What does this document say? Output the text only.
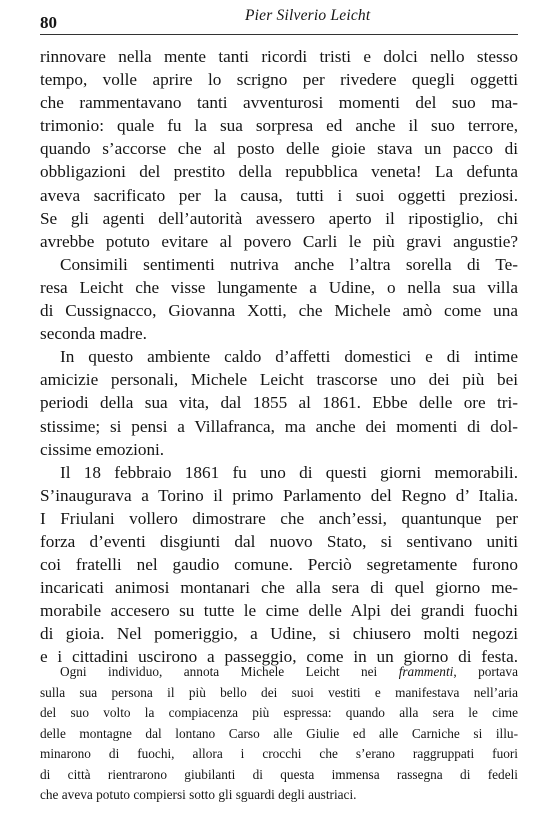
80	Pier Silverio Leicht
rinnovare nella mente tanti ricordi tristi e dolci nello stesso
tempo, volle aprire lo scrigno per rivedere quegli oggetti
che rammentavano tanti avventurosi momenti del suo ma-
trimonio: quale fu la sua sorpresa ed anche il suo terrore,
quando s’accorse che al posto delle gioie stava un pacco di
obbligazioni del prestito della repubblica veneta! La defunta
aveva sacrificato per la causa, tutti i suoi oggetti preziosi.
Se gli agenti dell’autorità avessero aperto il ripostiglio, chi
avrebbe potuto evitare al povero Carli le più gravi angustie?
Consimili sentimenti nutriva anche l’altra sorella di Te-
resa Leicht che visse lungamente a Udine, o nella sua villa
di Cussignacco, Giovanna Xotti, che Michele amò come una
seconda madre.
In questo ambiente caldo d’affetti domestici e di intime
amicizie personali, Michele Leicht trascorse uno dei più bei
periodi della sua vita, dal 1855 al 1861. Ebbe delle ore tri-
stissime; si pensi a Villafranca, ma anche dei momenti di dol-
cissime emozioni.
Il 18 febbraio 1861 fu uno di questi giorni memorabili.
S’inaugurava a Torino il primo Parlamento del Regno d’ Italia.
I Friulani vollero dimostrare che anch’essi, quantunque per
forza d’eventi disgiunti dal nuovo Stato, si sentivano uniti
coi fratelli nel gaudio comune. Perciò segretamente furono
incaricati animosi montanari che alla sera di quel giorno me-
morabile accesero su tutte le cime delle Alpi dei grandi fuochi
di gioia. Nel pomeriggio, a Udine, si chiusero molti negozi
e i cittadini uscirono a passeggio, come in un giorno di festa.
Ogni individuo, annota Michele Leicht nei frammenti, portava
sulla sua persona il più bello dei suoi vestiti e manifestava nell’aria
del suo volto la compiacenza più espressa: quando alla sera le cime
delle montagne dal lontano Carso alle Giulie ed alle Carniche si illu-
minarono di fuochi, allora i crocchi che s’erano raggruppati fuori
di città rientrarono giubilanti di questa immensa rassegna di fedeli
che aveva potuto compiersi sotto gli sguardi degli austriaci.
